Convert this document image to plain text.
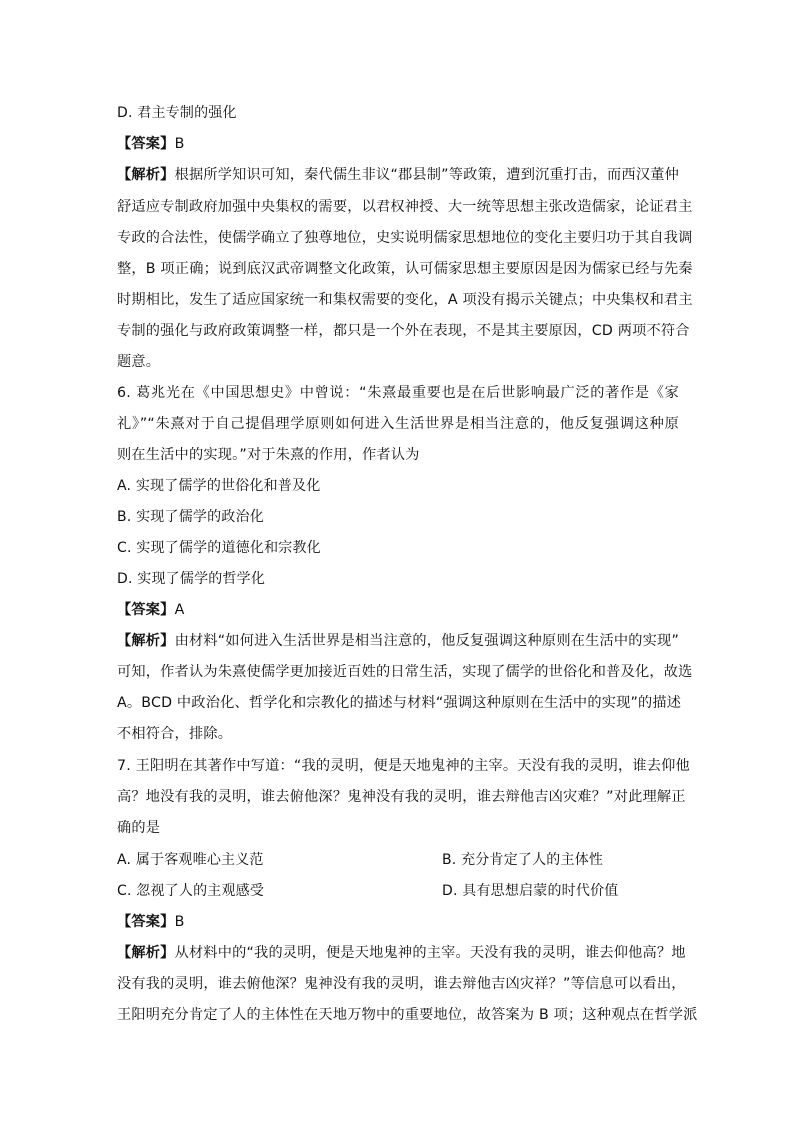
D. 君主专制的强化
【答案】B
【解析】根据所学知识可知，秦代儒生非议“郡县制”等政策，遭到沉重打击，而西汉董仲
舒适应专制政府加强中央集权的需要，以君权神授、大一统等思想主张改造儒家，论证君主
专政的合法性，使儒学确立了独尊地位，史实说明儒家思想地位的变化主要归功于其自我调
整，B 项正确；说到底汉武帝调整文化政策，认可儒家思想主要原因是因为儒家已经与先秦
时期相比，发生了适应国家统一和集权需要的变化，A 项没有揭示关键点；中央集权和君主
专制的强化与政府政策调整一样，都只是一个外在表现，不是其主要原因，CD 两项不符合
题意。
6. 葛兆光在《中国思想史》中曾说：“朱熹最重要也是在后世影响最广泛的著作是《家
礼》”“朱熹对于自己提倡理学原则如何进入生活世界是相当注意的，他反复强调这种原
则在生活中的实现。”对于朱熹的作用，作者认为
A. 实现了儒学的世俗化和普及化
B. 实现了儒学的政治化
C. 实现了儒学的道德化和宗教化
D. 实现了儒学的哲学化
【答案】A
【解析】由材料“如何进入生活世界是相当注意的，他反复强调这种原则在生活中的实现”
可知，作者认为朱熹使儒学更加接近百姓的日常生活，实现了儒学的世俗化和普及化，故选
A。BCD 中政治化、哲学化和宗教化的描述与材料“强调这种原则在生活中的实现”的描述
不相符合，排除。
7. 王阳明在其著作中写道：“我的灵明，便是天地鬼神的主宰。天没有我的灵明，谁去仰他
高？地没有我的灵明，谁去俯他深？鬼神没有我的灵明，谁去辩他吉凶灾难？”对此理解正
确的是
A. 属于客观唯心主义范	B. 充分肯定了人的主体性
C. 忽视了人的主观感受	D. 具有思想启蒙的时代价值
【答案】B
【解析】从材料中的“我的灵明，便是天地鬼神的主宰。天没有我的灵明，谁去仰他高？地
没有我的灵明，谁去俯他深？鬼神没有我的灵明，谁去辩他吉凶灾祥？”等信息可以看出，
王阳明充分肯定了人的主体性在天地万物中的重要地位，故答案为 B 项；这种观点在哲学派
